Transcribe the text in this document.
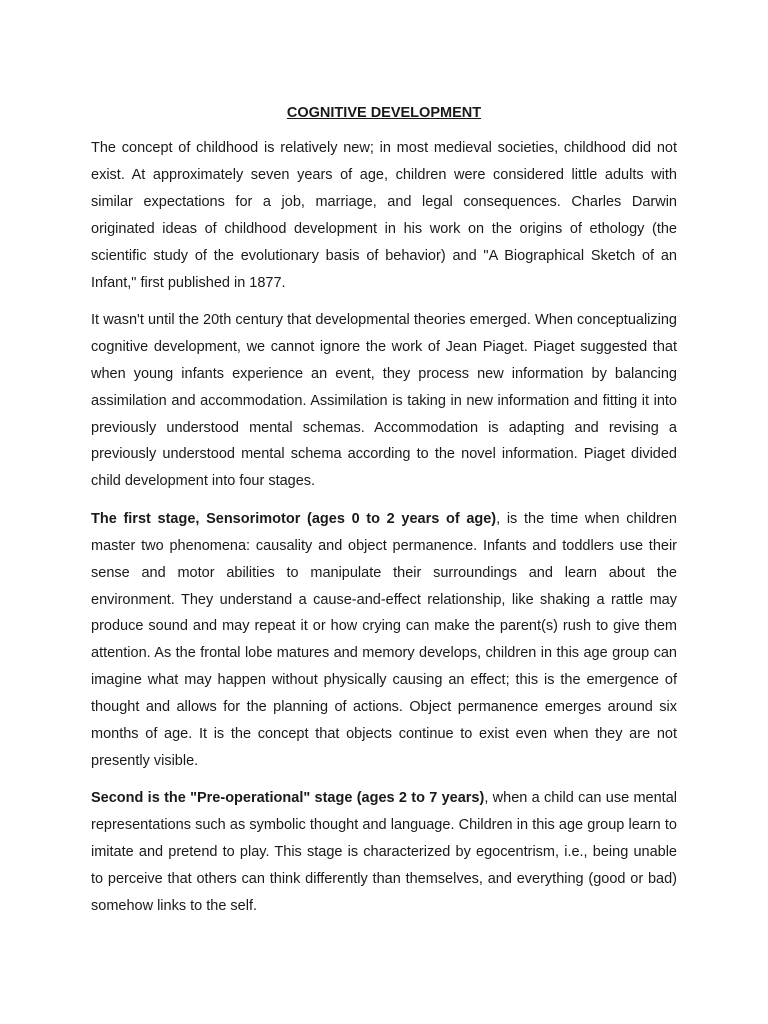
COGNITIVE DEVELOPMENT

The concept of childhood is relatively new; in most medieval societies, childhood did not exist. At approximately seven years of age, children were considered little adults with similar expectations for a job, marriage, and legal consequences. Charles Darwin originated ideas of childhood development in his work on the origins of ethology (the scientific study of the evolutionary basis of behavior) and "A Biographical Sketch of an Infant," first published in 1877.

It wasn't until the 20th century that developmental theories emerged. When conceptualizing cognitive development, we cannot ignore the work of Jean Piaget. Piaget suggested that when young infants experience an event, they process new information by balancing assimilation and accommodation. Assimilation is taking in new information and fitting it into previously understood mental schemas. Accommodation is adapting and revising a previously understood mental schema according to the novel information. Piaget divided child development into four stages.

The first stage, Sensorimotor (ages 0 to 2 years of age), is the time when children master two phenomena: causality and object permanence. Infants and toddlers use their sense and motor abilities to manipulate their surroundings and learn about the environment. They understand a cause-and-effect relationship, like shaking a rattle may produce sound and may repeat it or how crying can make the parent(s) rush to give them attention. As the frontal lobe matures and memory develops, children in this age group can imagine what may happen without physically causing an effect; this is the emergence of thought and allows for the planning of actions. Object permanence emerges around six months of age. It is the concept that objects continue to exist even when they are not presently visible.

Second is the "Pre-operational" stage (ages 2 to 7 years), when a child can use mental representations such as symbolic thought and language. Children in this age group learn to imitate and pretend to play. This stage is characterized by egocentrism, i.e., being unable to perceive that others can think differently than themselves, and everything (good or bad) somehow links to the self.
